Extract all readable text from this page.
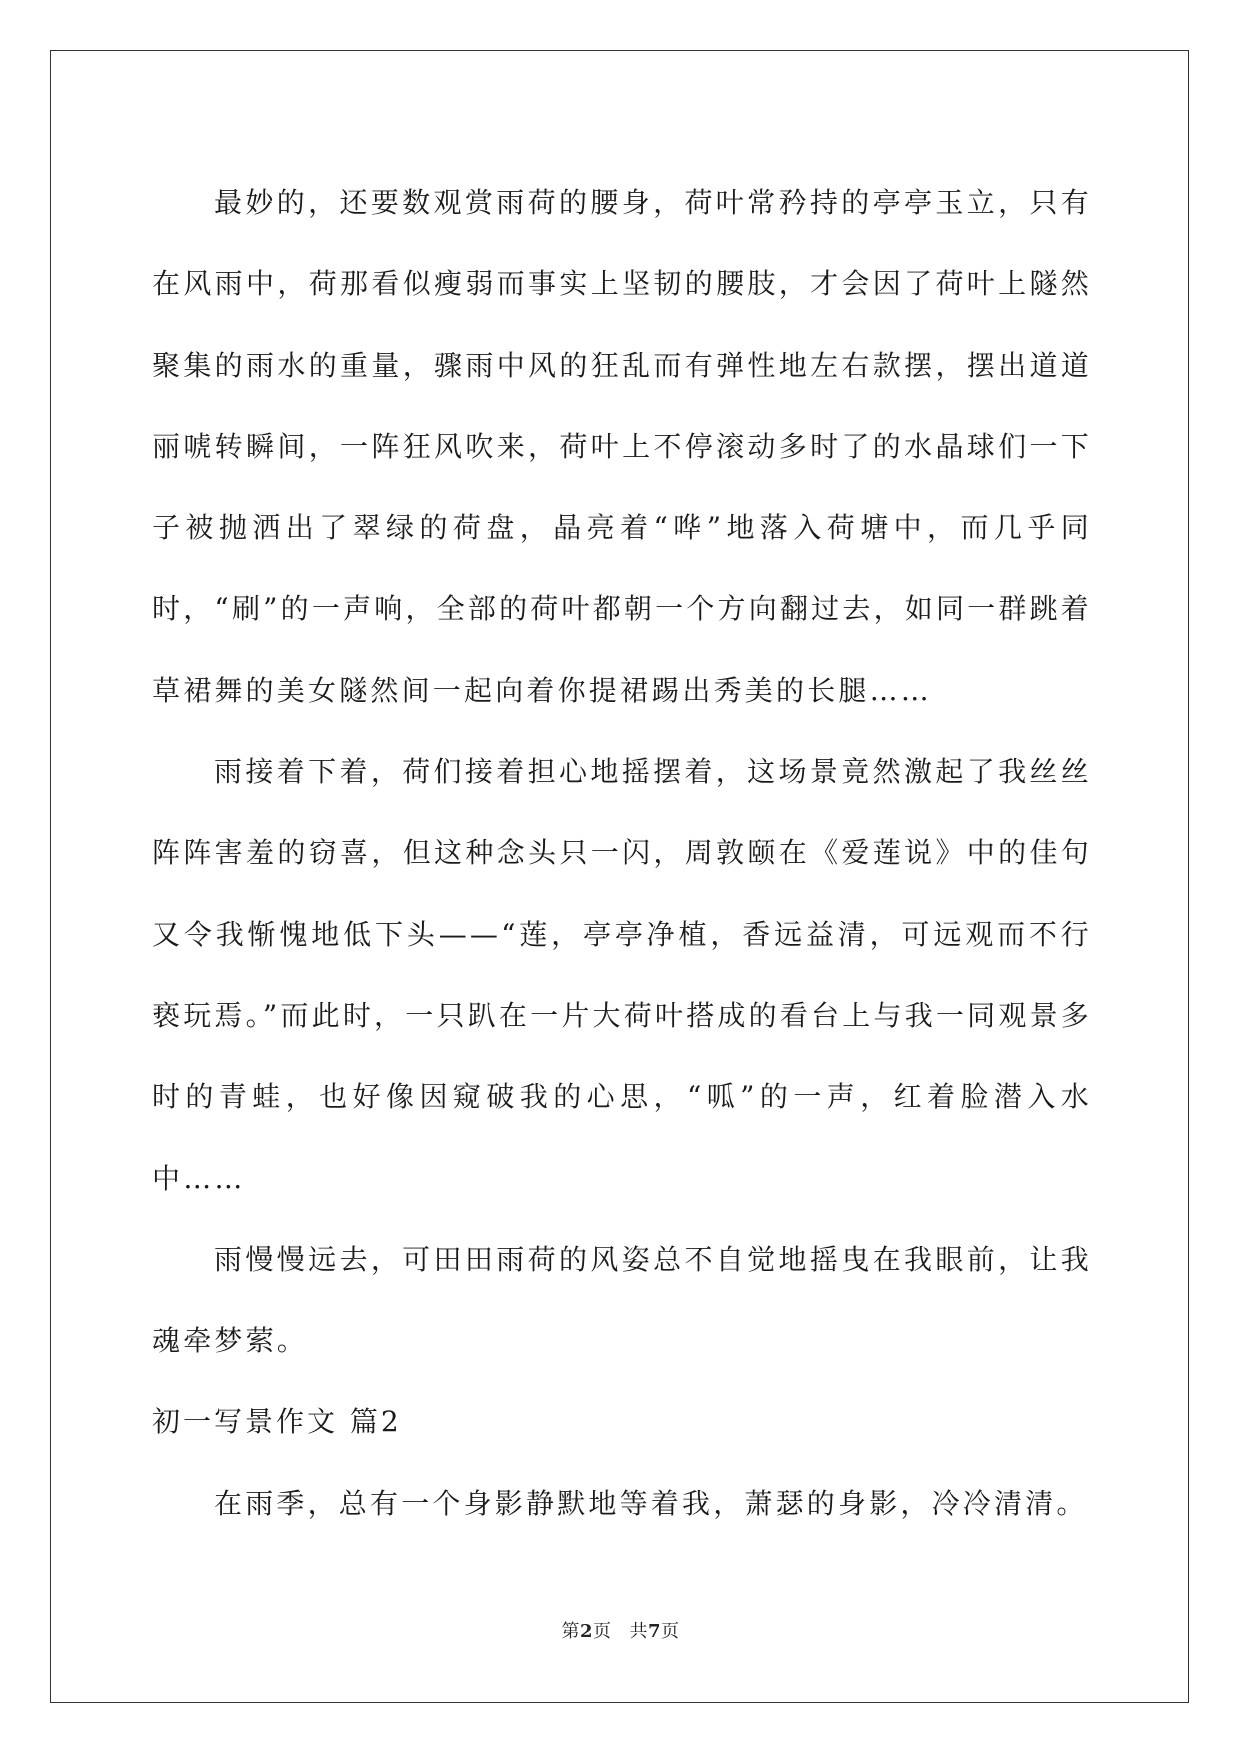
最妙的，还要数观赏雨荷的腰身，荷叶常矜持的亭亭玉立，只有在风雨中，荷那看似瘦弱而事实上坚韧的腰肢，才会因了荷叶上隧然聚集的雨水的重量，骤雨中风的狂乱而有弹性地左右款摆，摆出道道丽唬转瞬间，一阵狂风吹来，荷叶上不停滚动多时了的水晶球们一下子被抛洒出了翠绿的荷盘，晶亮着“哗”地落入荷塘中，而几乎同时，“刷”的一声响，全部的荷叶都朝一个方向翻过去，如同一群跳着草裙舞的美女隧然间一起向着你提裙踢出秀美的长腿……

雨接着下着，荷们接着担心地摇摆着，这场景竟然激起了我丝丝阵阵害羞的窃喜，但这种念头只一闪，周敦颐在《爱莲说》中的佳句又令我惭愧地低下头——“莲，亭亭净植，香远益清，可远观而不行亵玩焉。”而此时，一只趴在一片大荷叶搭成的看台上与我一同观景多时的青蛙，也好像因窥破我的心思，“呱”的一声，红着脸潜入水中……

雨慢慢远去，可田田雨荷的风姿总不自觉地摇曳在我眼前，让我魂牵梦萦。

初一写景作文 篇2

在雨季，总有一个身影静默地等着我，萧瑟的身影，冷冷清清。

第2页 共7页
